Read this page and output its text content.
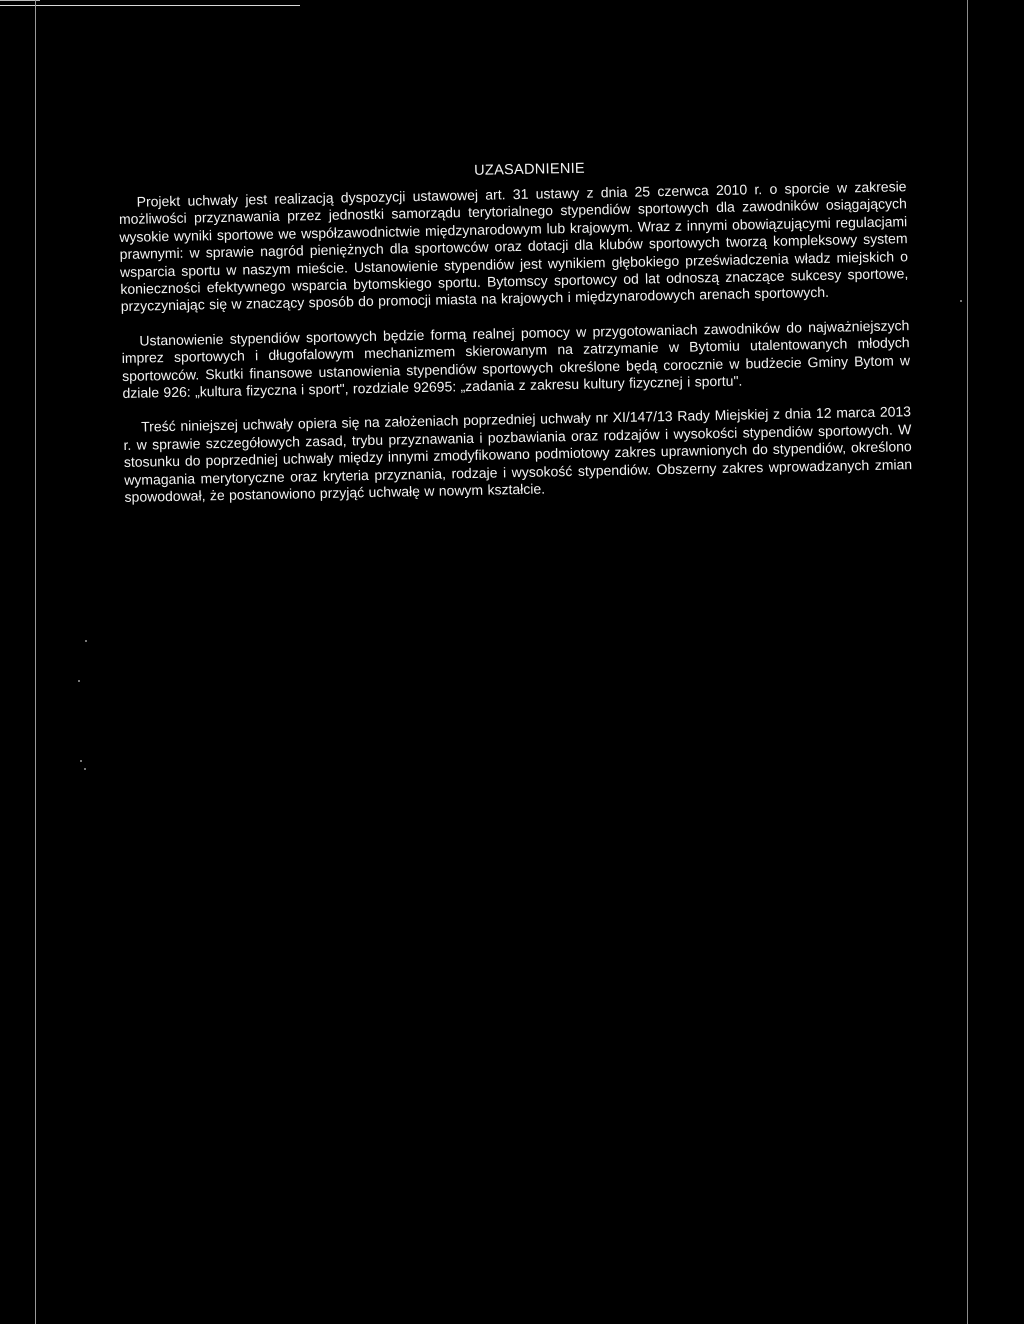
UZASADNIENIE

Projekt uchwały jest realizacją dyspozycji ustawowej art. 31 ustawy z dnia 25 czerwca 2010 r. o sporcie w zakresie możliwości przyznawania przez jednostki samorządu terytorialnego stypendiów sportowych dla zawodników osiągających wysokie wyniki sportowe we współzawodnictwie międzynarodowym lub krajowym. Wraz z innymi obowiązującymi regulacjami prawnymi: w sprawie nagród pieniężnych dla sportowców oraz dotacji dla klubów sportowych tworzą kompleksowy system wsparcia sportu w naszym mieście. Ustanowienie stypendiów jest wynikiem głębokiego przeświadczenia władz miejskich o konieczności efektywnego wsparcia bytomskiego sportu. Bytomscy sportowcy od lat odnoszą znaczące sukcesy sportowe, przyczyniając się w znaczący sposób do promocji miasta na krajowych i międzynarodowych arenach sportowych.

Ustanowienie stypendiów sportowych będzie formą realnej pomocy w przygotowaniach zawodników do najważniejszych imprez sportowych i długofalowym mechanizmem skierowanym na zatrzymanie w Bytomiu utalentowanych młodych sportowców. Skutki finansowe ustanowienia stypendiów sportowych określone będą corocznie w budżecie Gminy Bytom w dziale 926: „kultura fizyczna i sport", rozdziale 92695: „zadania z zakresu kultury fizycznej i sportu".

Treść niniejszej uchwały opiera się na założeniach poprzedniej uchwały nr XI/147/13 Rady Miejskiej z dnia 12 marca 2013 r. w sprawie szczegółowych zasad, trybu przyznawania i pozbawiania oraz rodzajów i wysokości stypendiów sportowych. W stosunku do poprzedniej uchwały między innymi zmodyfikowano podmiotowy zakres uprawnionych do stypendiów, określono wymagania merytoryczne oraz kryteria przyznania, rodzaje i wysokość stypendiów. Obszerny zakres wprowadzanych zmian spowodował, że postanowiono przyjąć uchwałę w nowym kształcie.
